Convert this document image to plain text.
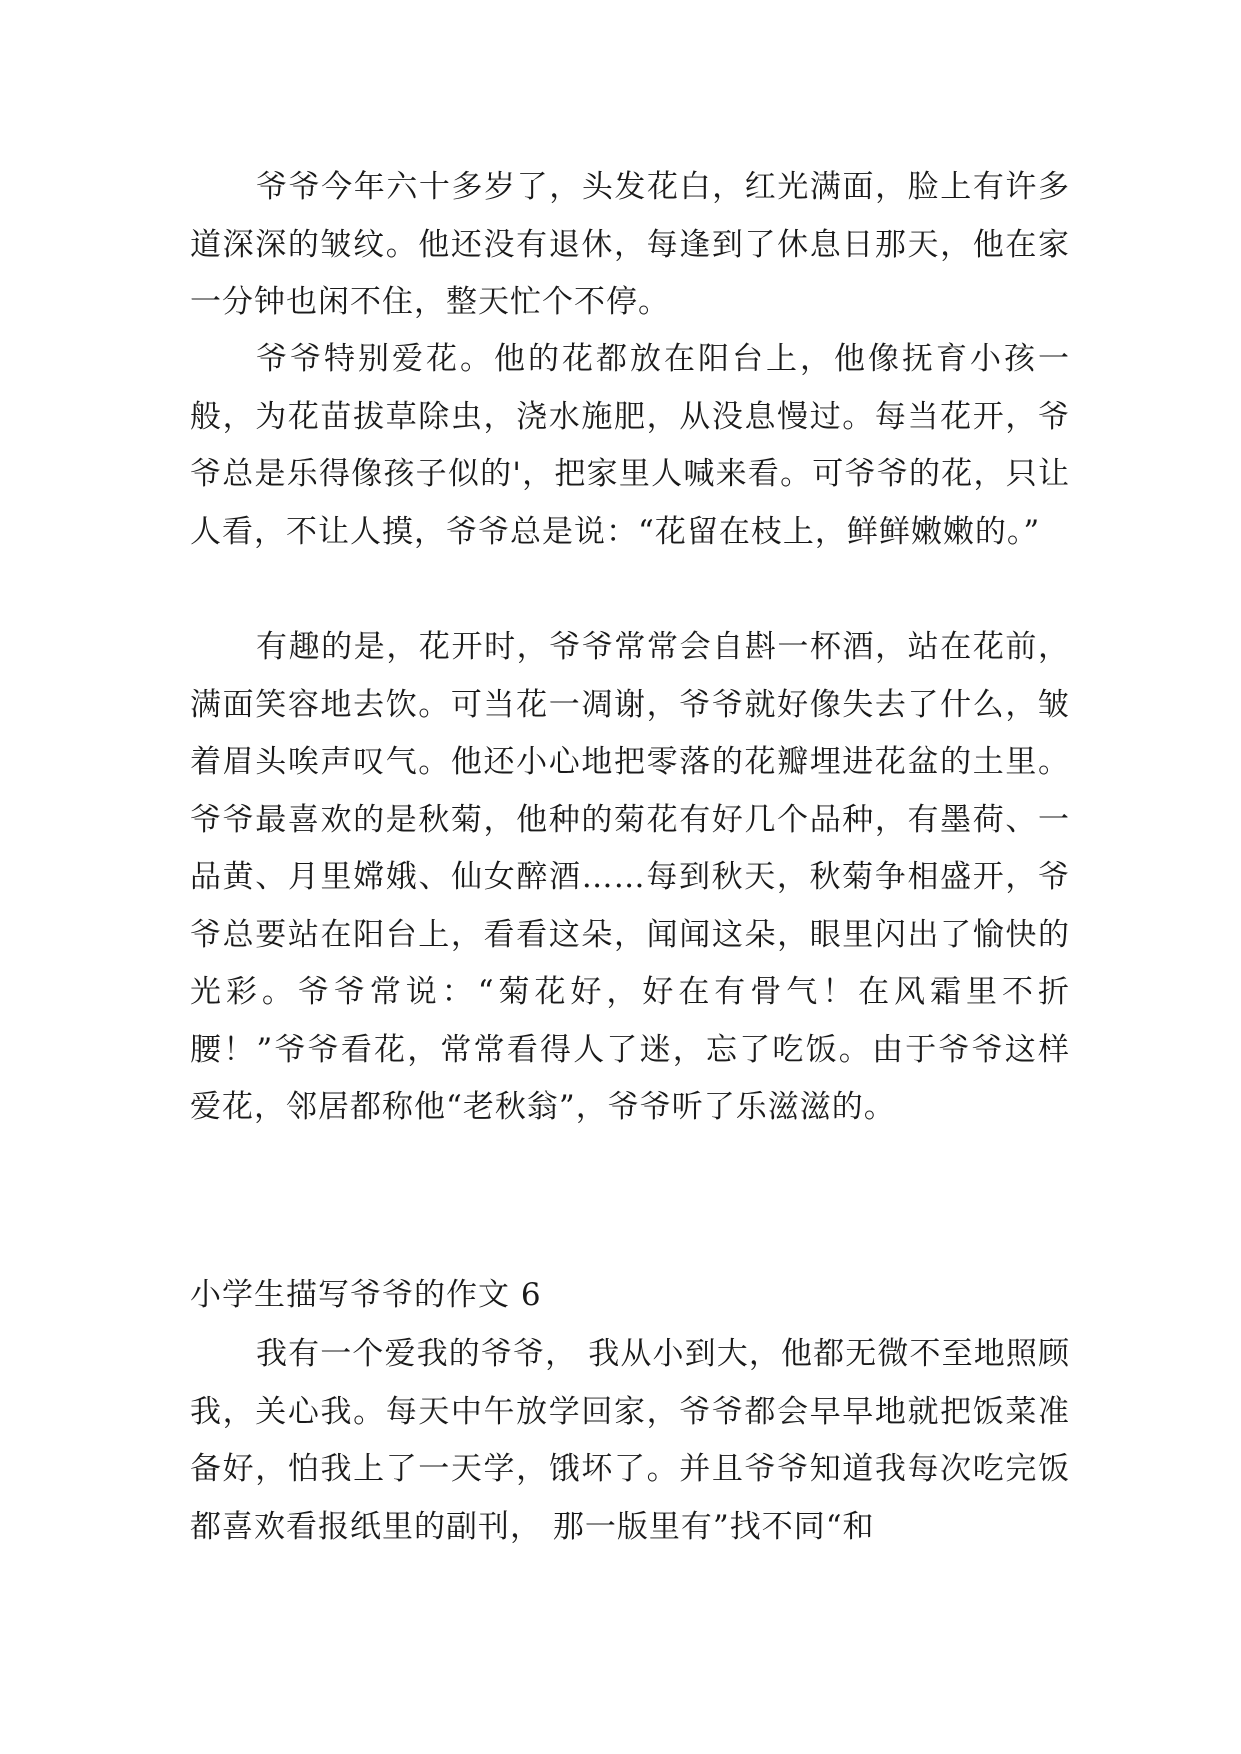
爷爷今年六十多岁了，头发花白，红光满面，脸上有许多道深深的皱纹。他还没有退休，每逢到了休息日那天，他在家一分钟也闲不住，整天忙个不停。

爷爷特别爱花。他的花都放在阳台上，他像抚育小孩一般，为花苗拔草除虫，浇水施肥，从没息慢过。每当花开，爷爷总是乐得像孩子似的'，把家里人喊来看。可爷爷的花，只让人看，不让人摸，爷爷总是说：“花留在枝上，鲜鲜嫩嫩的。”

有趣的是，花开时，爷爷常常会自斟一杯酒，站在花前，满面笑容地去饮。可当花一凋谢，爷爷就好像失去了什么，皱着眉头唉声叹气。他还小心地把零落的花瓣埋进花盆的土里。爷爷最喜欢的是秋菊，他种的菊花有好几个品种，有墨荷、一品黄、月里嫦娥、仙女醉酒……每到秋天，秋菊争相盛开，爷爷总要站在阳台上，看看这朵，闻闻这朵，眼里闪出了愉快的光彩。爷爷常说：“菊花好，好在有骨气！在风霜里不折腰！”爷爷看花，常常看得人了迷，忘了吃饭。由于爷爷这样爱花，邻居都称他“老秋翁”，爷爷听了乐滋滋的。

小学生描写爷爷的作文 6

我有一个爱我的爷爷， 我从小到大，他都无微不至地照顾我，关心我。每天中午放学回家，爷爷都会早早地就把饭菜准备好，怕我上了一天学，饿坏了。并且爷爷知道我每次吃完饭都喜欢看报纸里的副刊， 那一版里有”找不同“和
